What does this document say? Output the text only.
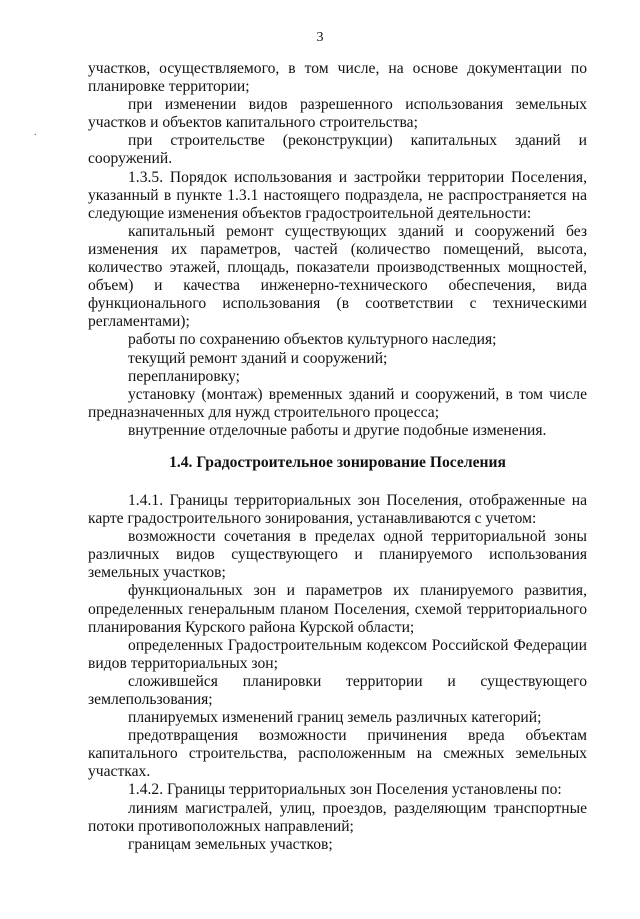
3
.

участков, осуществляемого, в том числе, на основе документации по планировке территории;

при изменении видов разрешенного использования земельных участков и объектов капитального строительства;

при строительстве (реконструкции) капитальных зданий и сооружений.

1.3.5. Порядок использования и застройки территории Поселения, указанный в пункте 1.3.1 настоящего подраздела, не распространяется на следующие изменения объектов градостроительной деятельности:

капитальный ремонт существующих зданий и сооружений без изменения их параметров, частей (количество помещений, высота, количество этажей, площадь, показатели производственных мощностей, объем) и качества инженерно-технического обеспечения, вида функционального использования (в соответствии с техническими регламентами);

работы по сохранению объектов культурного наследия;

текущий ремонт зданий и сооружений;

перепланировку;

установку (монтаж) временных зданий и сооружений, в том числе предназначенных для нужд строительного процесса;

внутренние отделочные работы и другие подобные изменения.

1.4. Градостроительное зонирование Поселения

1.4.1. Границы территориальных зон Поселения, отображенные на карте градостроительного зонирования, устанавливаются с учетом:

возможности сочетания в пределах одной территориальной зоны различных видов существующего и планируемого использования земельных участков;

функциональных зон и параметров их планируемого развития, определенных генеральным планом Поселения, схемой территориального планирования Курского района Курской области;

определенных Градостроительным кодексом Российской Федерации видов территориальных зон;

сложившейся планировки территории и существующего землепользования;

планируемых изменений границ земель различных категорий;

предотвращения возможности причинения вреда объектам капитального строительства, расположенным на смежных земельных участках.

1.4.2. Границы территориальных зон Поселения установлены по:

линиям магистралей, улиц, проездов, разделяющим транспортные потоки противоположных направлений;

границам земельных участков;
